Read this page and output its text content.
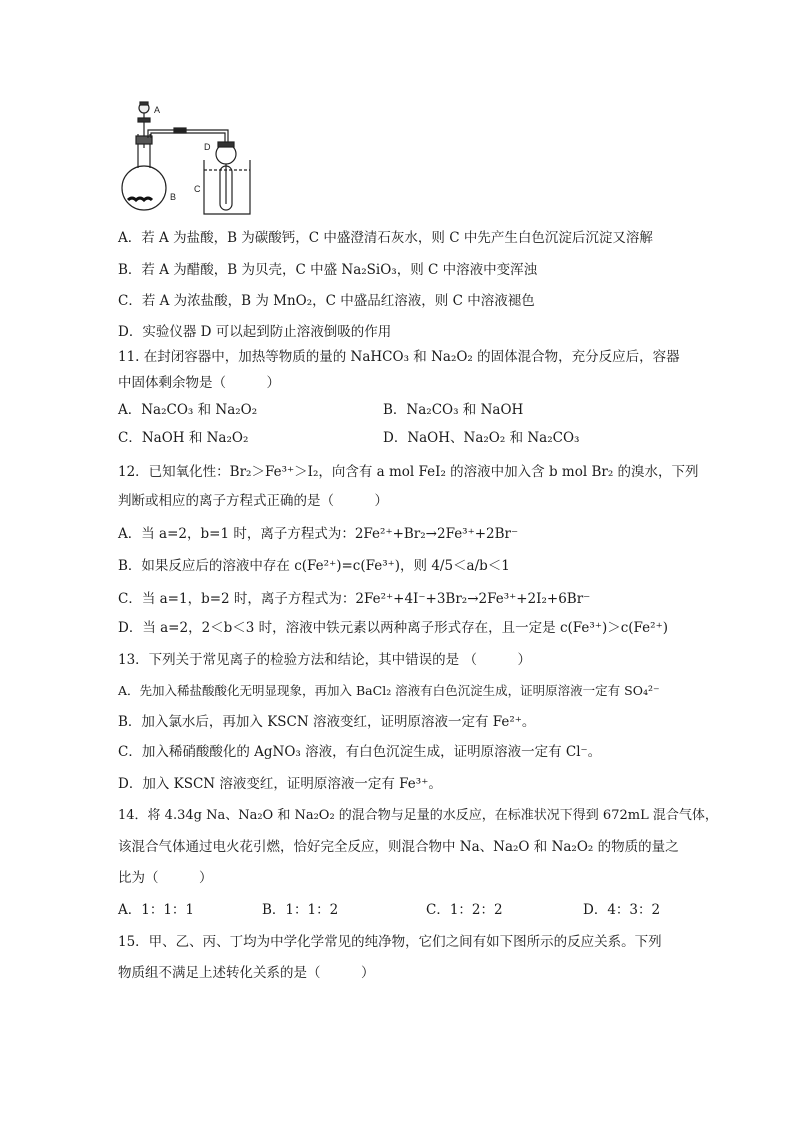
A
B
C
D
A．若 A 为盐酸，B 为碳酸钙，C 中盛澄清石灰水，则 C 中先产生白色沉淀后沉淀又溶解
B．若 A 为醋酸，B 为贝壳，C 中盛 Na₂SiO₃，则 C 中溶液中变浑浊
C．若 A 为浓盐酸，B 为 MnO₂，C 中盛品红溶液，则 C 中溶液褪色
D．实验仪器 D 可以起到防止溶液倒吸的作用
11. 在封闭容器中，加热等物质的量的 NaHCO₃ 和 Na₂O₂ 的固体混合物，充分反应后，容器
中固体剩余物是（　　　）
A．Na₂CO₃ 和 Na₂O₂	B．Na₂CO₃ 和 NaOH
C．NaOH 和 Na₂O₂	D．NaOH、Na₂O₂ 和 Na₂CO₃
12．已知氧化性：Br₂＞Fe³⁺＞I₂，向含有 a mol FeI₂ 的溶液中加入含 b mol Br₂ 的溴水，下列
判断或相应的离子方程式正确的是（　　　）
A．当 a=2，b=1 时，离子方程式为：2Fe²⁺+Br₂→2Fe³⁺+2Br⁻
B．如果反应后的溶液中存在 c(Fe²⁺)=c(Fe³⁺)，则 4/5＜a/b＜1
C．当 a=1，b=2 时，离子方程式为：2Fe²⁺+4I⁻+3Br₂→2Fe³⁺+2I₂+6Br⁻
D．当 a=2，2＜b＜3 时，溶液中铁元素以两种离子形式存在，且一定是 c(Fe³⁺)＞c(Fe²⁺)
13．下列关于常见离子的检验方法和结论，其中错误的是 （　　　）
A．先加入稀盐酸酸化无明显现象，再加入 BaCl₂ 溶液有白色沉淀生成，证明原溶液一定有 SO₄²⁻
B．加入氯水后，再加入 KSCN 溶液变红，证明原溶液一定有 Fe²⁺。
C．加入稀硝酸酸化的 AgNO₃ 溶液，有白色沉淀生成，证明原溶液一定有 Cl⁻。
D．加入 KSCN 溶液变红，证明原溶液一定有 Fe³⁺。
14．将 4.34g Na、Na₂O 和 Na₂O₂ 的混合物与足量的水反应，在标准状况下得到 672mL 混合气体，
该混合气体通过电火花引燃，恰好完全反应，则混合物中 Na、Na₂O 和 Na₂O₂ 的物质的量之
比为（　　　）
A．1：1：1	B．1：1：2	C．1：2：2	D．4：3：2
15．甲、乙、丙、丁均为中学化学常见的纯净物，它们之间有如下图所示的反应关系。下列
物质组不满足上述转化关系的是（　　　）
